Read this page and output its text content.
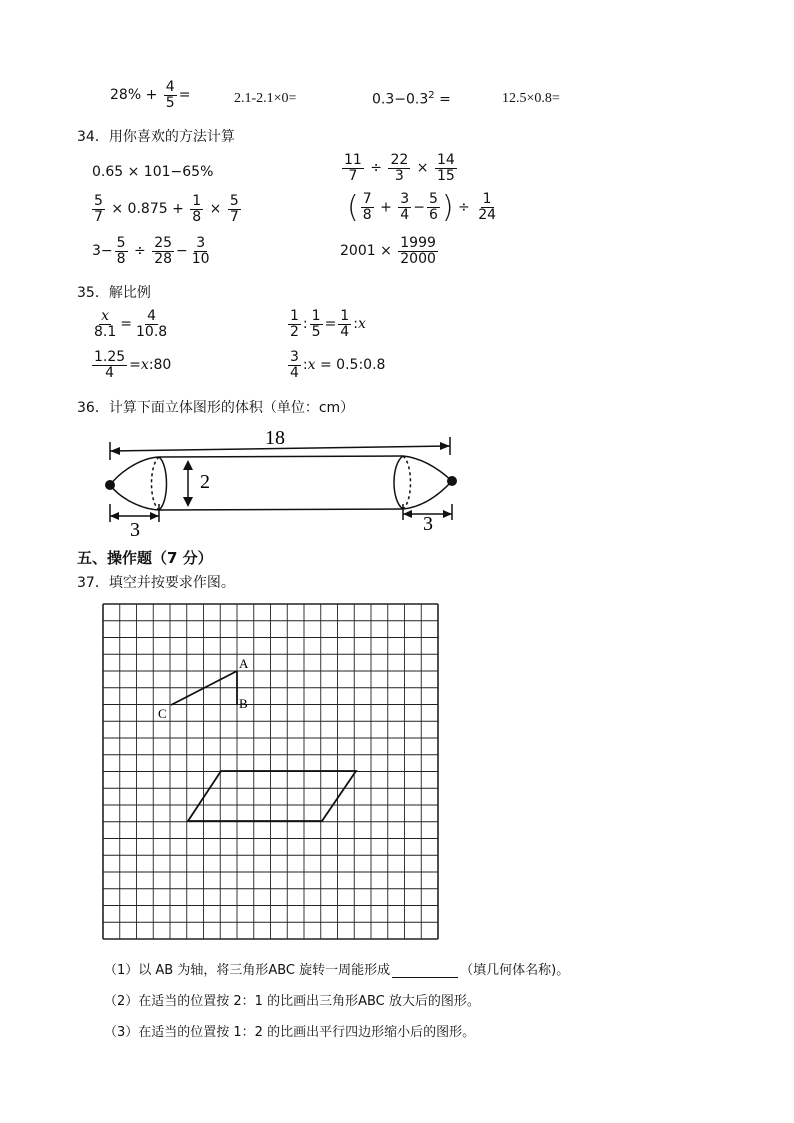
$28\% + \frac{4}{5}$ =	2.1-2.1×0=	$0.3-0.3^2$ =	12.5×0.8=
34．用你喜欢的方法计算
0.65 × 101−65%	$\frac{11}{7} \div \frac{22}{3} \times \frac{14}{15}$
$\frac{5}{7} \times 0.875 + \frac{1}{8} \times \frac{5}{7}$	( $\frac{7}{8} + \frac{3}{4} - \frac{5}{6}$ ) ÷ $\frac{1}{24}$
$3- \frac{5}{8} \div \frac{25}{28} - \frac{3}{10}$	$2001 \times \frac{1999}{2000}$
35．解比例
$\frac{x}{8.1} = \frac{4}{10.8}$	$\frac{1}{2}$ : $\frac{1}{5} = \frac{1}{4}$ :x
$\frac{1.25}{4}$ =x:80	$\frac{3}{4}$ :x = 0.5:0.8
36．计算下面立体图形的体积（单位：cm）
18
2
3	3
五、操作题（7 分）
37．填空并按要求作图。
A
B
C
（1）以 AB 为轴，将三角形ABC 旋转一周能形成	（填几何体名称)。
（2）在适当的位置按 2：1 的比画出三角形ABC 放大后的图形。
（3）在适当的位置按 1：2 的比画出平行四边形缩小后的图形。
